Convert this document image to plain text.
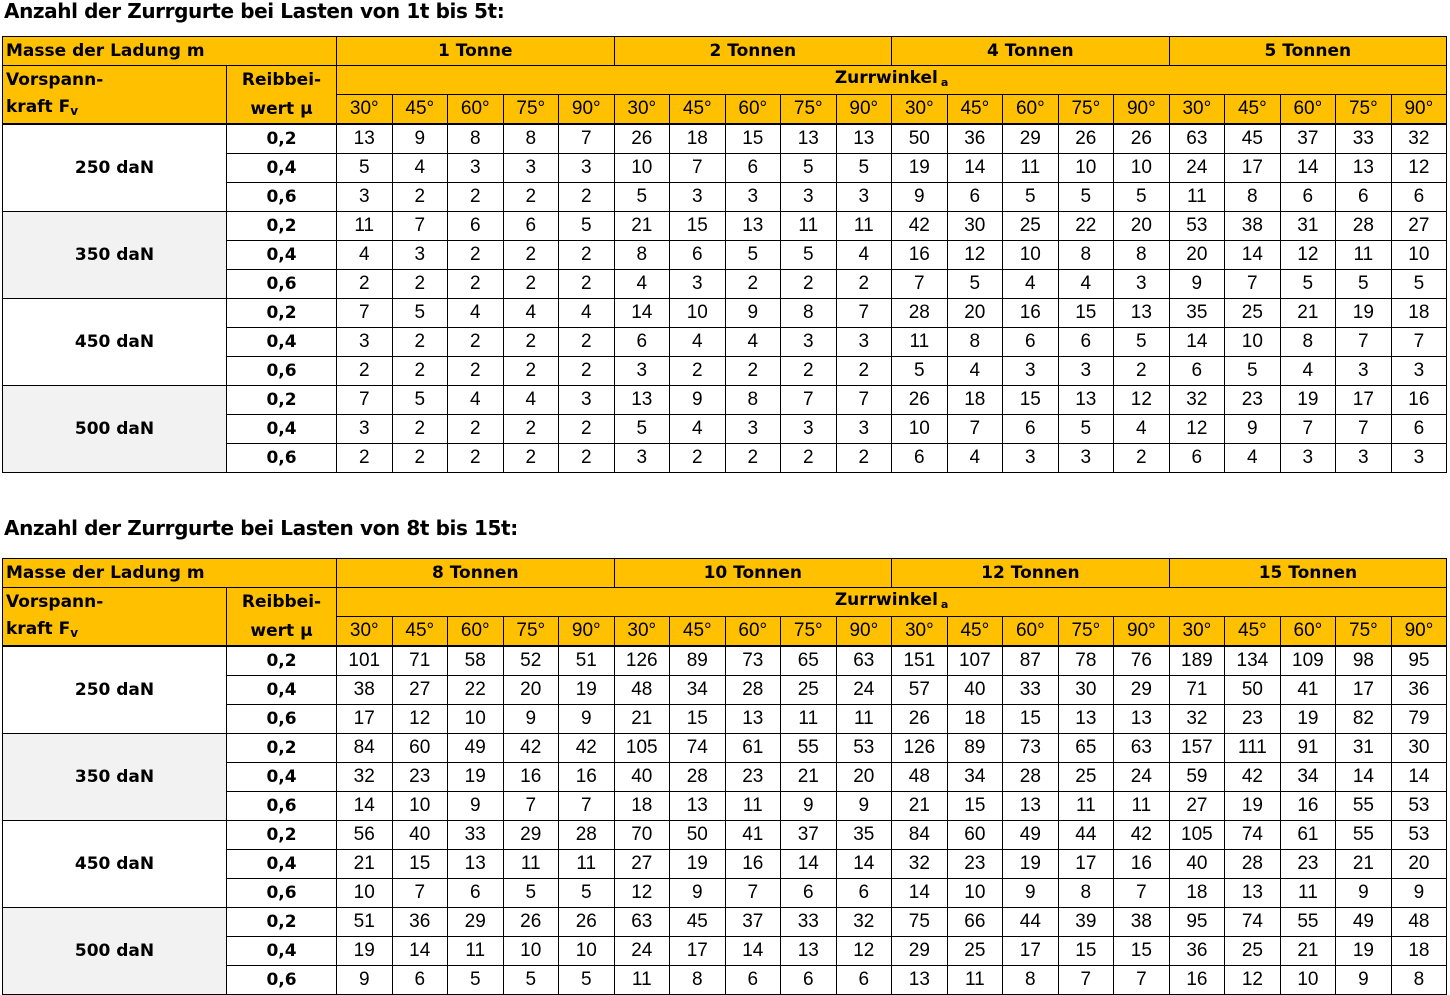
Anzahl der Zurrgurte bei Lasten von 1t bis 5t:
Masse der Ladung m		1 Tonne					2 Tonnen					4 Tonnen					5 Tonnen				
Vorspann-	Reibbei-	Zurrwinkel a																			
kraft Fv	wert μ	30°	45°	60°	75°	90°	30°	45°	60°	75°	90°	30°	45°	60°	75°	90°	30°	45°	60°	75°	90°
250 daN	0,2	13	9	8	8	7	26	18	15	13	13	50	36	29	26	26	63	45	37	33	32
	0,4	5	4	3	3	3	10	7	6	5	5	19	14	11	10	10	24	17	14	13	12
	0,6	3	2	2	2	2	5	3	3	3	3	9	6	5	5	5	11	8	6	6	6
350 daN	0,2	11	7	6	6	5	21	15	13	11	11	42	30	25	22	20	53	38	31	28	27
	0,4	4	3	2	2	2	8	6	5	5	4	16	12	10	8	8	20	14	12	11	10
	0,6	2	2	2	2	2	4	3	2	2	2	7	5	4	4	3	9	7	5	5	5
450 daN	0,2	7	5	4	4	4	14	10	9	8	7	28	20	16	15	13	35	25	21	19	18
	0,4	3	2	2	2	2	6	4	4	3	3	11	8	6	6	5	14	10	8	7	7
	0,6	2	2	2	2	2	3	2	2	2	2	5	4	3	3	2	6	5	4	3	3
500 daN	0,2	7	5	4	4	3	13	9	8	7	7	26	18	15	13	12	32	23	19	17	16
	0,4	3	2	2	2	2	5	4	3	3	3	10	7	6	5	4	12	9	7	7	6
	0,6	2	2	2	2	2	3	2	2	2	2	6	4	3	3	2	6	4	3	3	3
Anzahl der Zurrgurte bei Lasten von 8t bis 15t:
Masse der Ladung m		8 Tonnen					10 Tonnen					12 Tonnen					15 Tonnen				
Vorspann-	Reibbei-	Zurrwinkel a																			
kraft Fv	wert μ	30°	45°	60°	75°	90°	30°	45°	60°	75°	90°	30°	45°	60°	75°	90°	30°	45°	60°	75°	90°
250 daN	0,2	101	71	58	52	51	126	89	73	65	63	151	107	87	78	76	189	134	109	98	95
	0,4	38	27	22	20	19	48	34	28	25	24	57	40	33	30	29	71	50	41	17	36
	0,6	17	12	10	9	9	21	15	13	11	11	26	18	15	13	13	32	23	19	82	79
350 daN	0,2	84	60	49	42	42	105	74	61	55	53	126	89	73	65	63	157	111	91	31	30
	0,4	32	23	19	16	16	40	28	23	21	20	48	34	28	25	24	59	42	34	14	14
	0,6	14	10	9	7	7	18	13	11	9	9	21	15	13	11	11	27	19	16	55	53
450 daN	0,2	56	40	33	29	28	70	50	41	37	35	84	60	49	44	42	105	74	61	55	53
	0,4	21	15	13	11	11	27	19	16	14	14	32	23	19	17	16	40	28	23	21	20
	0,6	10	7	6	5	5	12	9	7	6	6	14	10	9	8	7	18	13	11	9	9
500 daN	0,2	51	36	29	26	26	63	45	37	33	32	75	66	44	39	38	95	74	55	49	48
	0,4	19	14	11	10	10	24	17	14	13	12	29	25	17	15	15	36	25	21	19	18
	0,6	9	6	5	5	5	11	8	6	6	6	13	11	8	7	7	16	12	10	9	8
